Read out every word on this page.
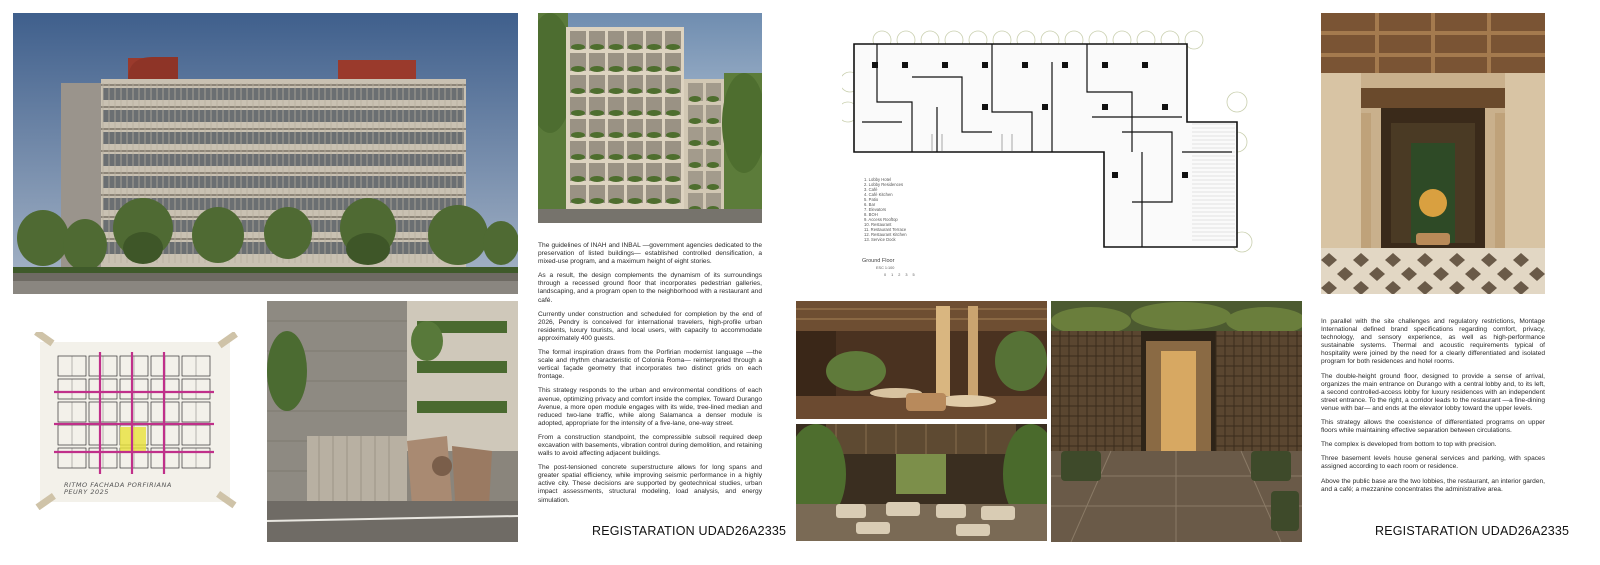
RITMO FACHADA PORFIRIANA
PEURY 2025

The guidelines of INAH and INBAL —government agencies dedicated to the preservation of listed buildings— established controlled densification, a mixed-use program, and a maximum height of eight stories.

As a result, the design complements the dynamism of its surroundings through a recessed ground floor that incorporates pedestrian galleries, landscaping, and a program open to the neighborhood with a restaurant and café.

Currently under construction and scheduled for completion by the end of 2026, Pendry is conceived for international travelers, high-profile urban residents, luxury tourists, and local users, with capacity to accommodate approximately 400 guests.

The formal inspiration draws from the Porfirian modernist language —the scale and rhythm characteristic of Colonia Roma— reinterpreted through a vertical façade geometry that incorporates two distinct grids on each frontage.

This strategy responds to the urban and environmental conditions of each avenue, optimizing privacy and comfort inside the complex. Toward Durango Avenue, a more open module engages with its wide, tree-lined median and reduced two-lane traffic, while along Salamanca a denser module is adopted, appropriate for the intensity of a five-lane, one-way street.

From a construction standpoint, the compressible subsoil required deep excavation with basements, vibration control during demolition, and retaining walls to avoid affecting adjacent buildings.

The post-tensioned concrete superstructure allows for long spans and greater spatial efficiency, while improving seismic performance in a highly active city. These decisions are supported by geotechnical studies, urban impact assessments, structural modeling, load analysis, and energy simulation.

REGISTARATION UDAD26A2335
1. Lobby Hotel
2. Lobby Residences
3. Café
4. Café Kitchen
5. Patio
6. Bar
7. Elevators
8. BOH
9. Access Rooftop
10. Restaurant
11. Restaurant Terrace
12. Restaurant Kitchen
13. Service Dock
Ground Floor
ESC 1:100
0 1 2 3 5

In parallel with the site challenges and regulatory restrictions, Montage International defined brand specifications regarding comfort, privacy, technology, and sensory experience, as well as high-performance sustainable systems. Thermal and acoustic requirements typical of hospitality were joined by the need for a clearly differentiated and isolated program for both residences and hotel rooms.

The double-height ground floor, designed to provide a sense of arrival, organizes the main entrance on Durango with a central lobby and, to its left, a second controlled-access lobby for luxury residences with an independent street entrance. To the right, a corridor leads to the restaurant —a fine-dining venue with bar— and ends at the elevator lobby toward the upper levels.

This strategy allows the coexistence of differentiated programs on upper floors while maintaining effective separation between circulations.

The complex is developed from bottom to top with precision.

Three basement levels house general services and parking, with spaces assigned according to each room or residence.

Above the public base are the two lobbies, the restaurant, an interior garden, and a café; a mezzanine concentrates the administrative area.

REGISTARATION UDAD26A2335
